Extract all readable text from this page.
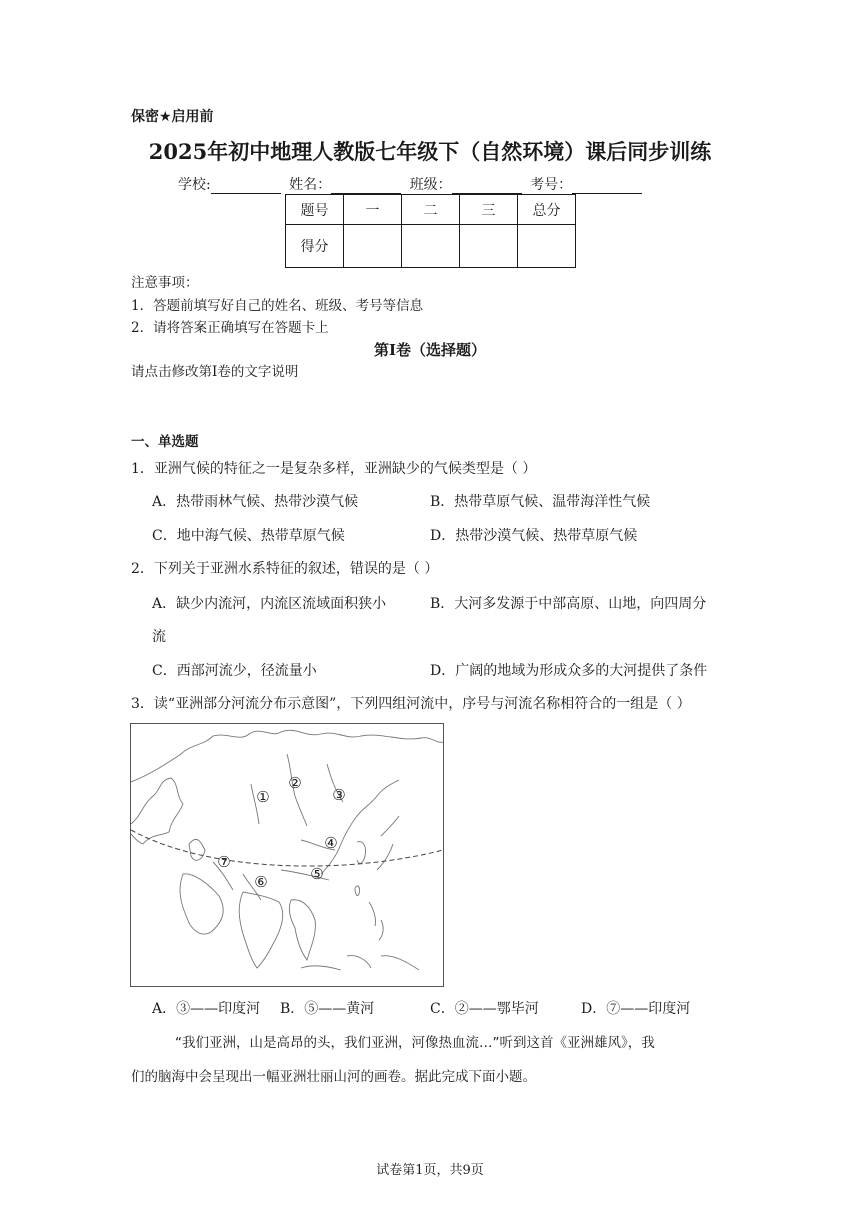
保密★启用前
2025年初中地理人教版七年级下（自然环境）课后同步训练
学校:	姓名：	班级：	考号：
题号	一	二	三	总分
得分				
注意事项：
1．答题前填写好自己的姓名、班级、考号等信息
2．请将答案正确填写在答题卡上
第I卷（选择题）
请点击修改第I卷的文字说明
一、单选题
1．亚洲气候的特征之一是复杂多样，亚洲缺少的气候类型是（ ）
A．热带雨林气候、热带沙漠气候	B．热带草原气候、温带海洋性气候
C．地中海气候、热带草原气候	D．热带沙漠气候、热带草原气候
2．下列关于亚洲水系特征的叙述，错误的是（ ）
A．缺少内流河，内流区流域面积狭小	B．大河多发源于中部高原、山地，向四周分
流
C．西部河流少，径流量小	D．广阔的地域为形成众多的大河提供了条件
3．读“亚洲部分河流分布示意图”，下列四组河流中，序号与河流名称相符合的一组是（ ）
①
②
③
④
⑤
⑥
⑦
A．③——印度河 B．⑤——黄河	C．②——鄂毕河	D．⑦——印度河
“我们亚洲，山是高昂的头，我们亚洲，河像热血流…”听到这首《亚洲雄风》，我
们的脑海中会呈现出一幅亚洲壮丽山河的画卷。据此完成下面小题。
试卷第1页，共9页
